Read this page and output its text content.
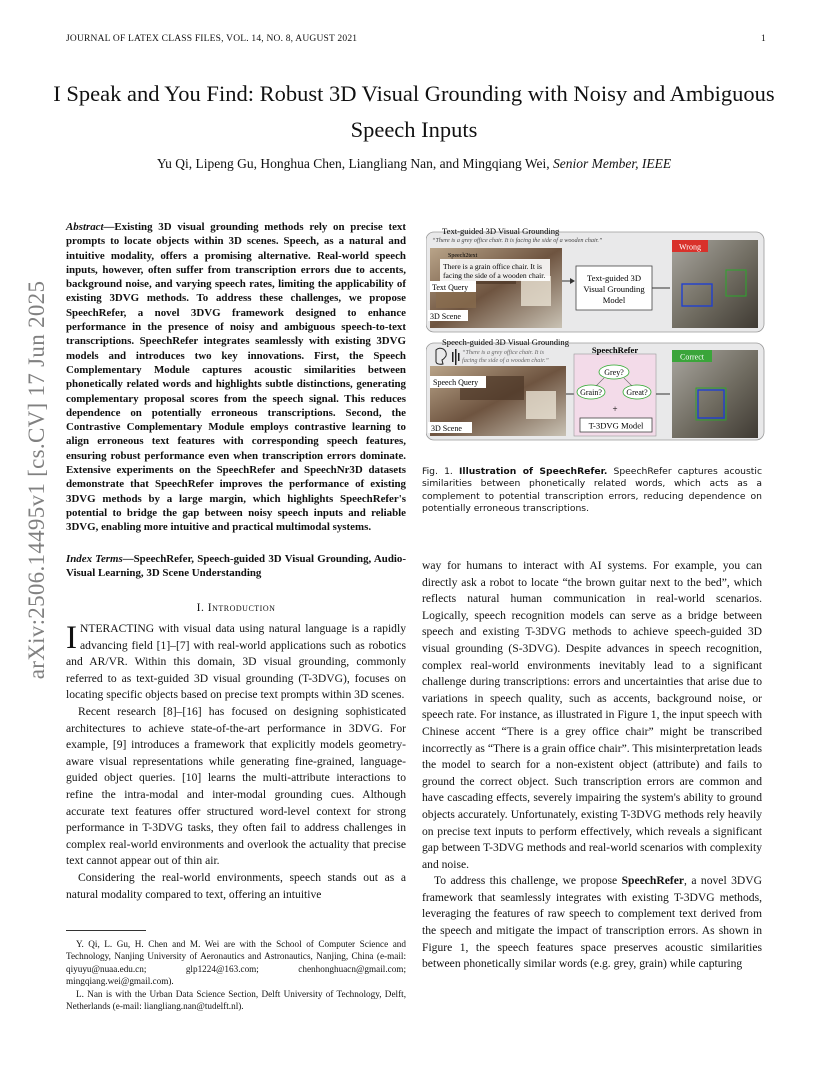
JOURNAL OF LATEX CLASS FILES, VOL. 14, NO. 8, AUGUST 2021	1
I Speak and You Find: Robust 3D Visual Grounding with Noisy and Ambiguous Speech Inputs
Yu Qi, Lipeng Gu, Honghua Chen, Liangliang Nan, and Mingqiang Wei, Senior Member, IEEE
arXiv:2506.14495v1 [cs.CV] 17 Jun 2025
Abstract—Existing 3D visual grounding methods rely on precise text prompts to locate objects within 3D scenes. Speech, as a natural and intuitive modality, offers a promising alternative. Real-world speech inputs, however, often suffer from transcription errors due to accents, background noise, and varying speech rates, limiting the applicability of existing 3DVG methods. To address these challenges, we propose SpeechRefer, a novel 3DVG framework designed to enhance performance in the presence of noisy and ambiguous speech-to-text transcriptions. SpeechRefer integrates seamlessly with existing 3DVG models and introduces two key innovations. First, the Speech Complementary Module captures acoustic similarities between phonetically related words and highlights subtle distinctions, generating complementary proposal scores from the speech signal. This reduces dependence on potentially erroneous transcriptions. Second, the Contrastive Complementary Module employs contrastive learning to align erroneous text features with corresponding speech features, ensuring robust performance even when transcription errors dominate. Extensive experiments on the SpeechRefer and SpeechNr3D datasets demonstrate that SpeechRefer improves the performance of existing 3DVG methods by a large margin, which highlights SpeechRefer's potential to bridge the gap between noisy speech inputs and reliable 3DVG, enabling more intuitive and practical multimodal systems.
Index Terms—SpeechRefer, Speech-guided 3D Visual Grounding, Audio-Visual Learning, 3D Scene Understanding
I. Introduction

INTERACTING with visual data using natural language is a rapidly advancing field [1]–[7] with real-world applications such as robotics and AR/VR. Within this domain, 3D visual grounding, commonly referred to as text-guided 3D visual grounding (T-3DVG), focuses on locating specific objects based on precise text prompts within 3D scenes.

Recent research [8]–[16] has focused on designing sophisticated architectures to achieve state-of-the-art performance in 3DVG. For example, [9] introduces a framework that explicitly models geometry-aware visual representations while generating fine-grained, language-guided object queries. [10] learns the multi-attribute interactions to refine the intra-modal and inter-modal grounding cues. Although accurate text features offer structured word-level context for strong performance in T-3DVG tasks, they often fail to address challenges in complex real-world environments and overlook the actuality that precise text cannot appear out of thin air.

Considering the real-world environments, speech stands out as a natural modality compared to text, offering an intuitive

Y. Qi, L. Gu, H. Chen and M. Wei are with the School of Computer Science and Technology, Nanjing University of Aeronautics and Astronautics, Nanjing, China (e-mail: qiyuyu@nuaa.edu.cn; glp1224@163.com; chenhonghuacn@gmail.com; mingqiang.wei@gmail.com).

L. Nan is with the Urban Data Science Section, Delft University of Technology, Delft, Netherlands (e-mail: liangliang.nan@tudelft.nl).

Text-guided 3D Visual Grounding
“There is a grey office chair. It is facing the side of a wooden chair.”
Speech2text
There is a grain office chair. It is
facing the side of a wooden chair.
Text Query
3D Scene
Text-guided 3D
Visual Grounding
Model
Wrong
Speech-guided 3D Visual Grounding
“There is a grey office chair. It is
facing the side of a wooden chair.”
Speech Query
3D Scene
SpeechRefer
Grey?
Grain?	Great?
+
T-3DVG Model
Correct
Fig. 1. Illustration of SpeechRefer. SpeechRefer captures acoustic similarities between phonetically related words, which acts as a complement to potential transcription errors, reducing dependence on potentially erroneous transcriptions.

way for humans to interact with AI systems. For example, you can directly ask a robot to locate “the brown guitar next to the bed”, which reflects natural human communication in real-world scenarios. Logically, speech recognition models can serve as a bridge between speech and existing T-3DVG methods to achieve speech-guided 3D visual grounding (S-3DVG). Despite advances in speech recognition, complex real-world environments inevitably lead to a significant challenge during transcriptions: errors and uncertainties that arise due to variations in speech quality, such as accents, background noise, or speech rate. For instance, as illustrated in Figure 1, the input speech with Chinese accent “There is a grey office chair” might be transcribed incorrectly as “There is a grain office chair”. This misinterpretation leads the model to search for a non-existent object (attribute) and fails to ground the correct object. Such transcription errors are common and have cascading effects, severely impairing the system's ability to ground objects accurately. Unfortunately, existing T-3DVG methods rely heavily on precise text inputs to perform effectively, which reveals a significant gap between T-3DVG methods and real-world scenarios with complexity and noise.

To address this challenge, we propose SpeechRefer, a novel 3DVG framework that seamlessly integrates with existing T-3DVG methods, leveraging the features of raw speech to complement text derived from the speech and mitigate the impact of transcription errors. As shown in Figure 1, the speech features space preserves acoustic similarities between phonetically similar words (e.g. grey, grain) while capturing
